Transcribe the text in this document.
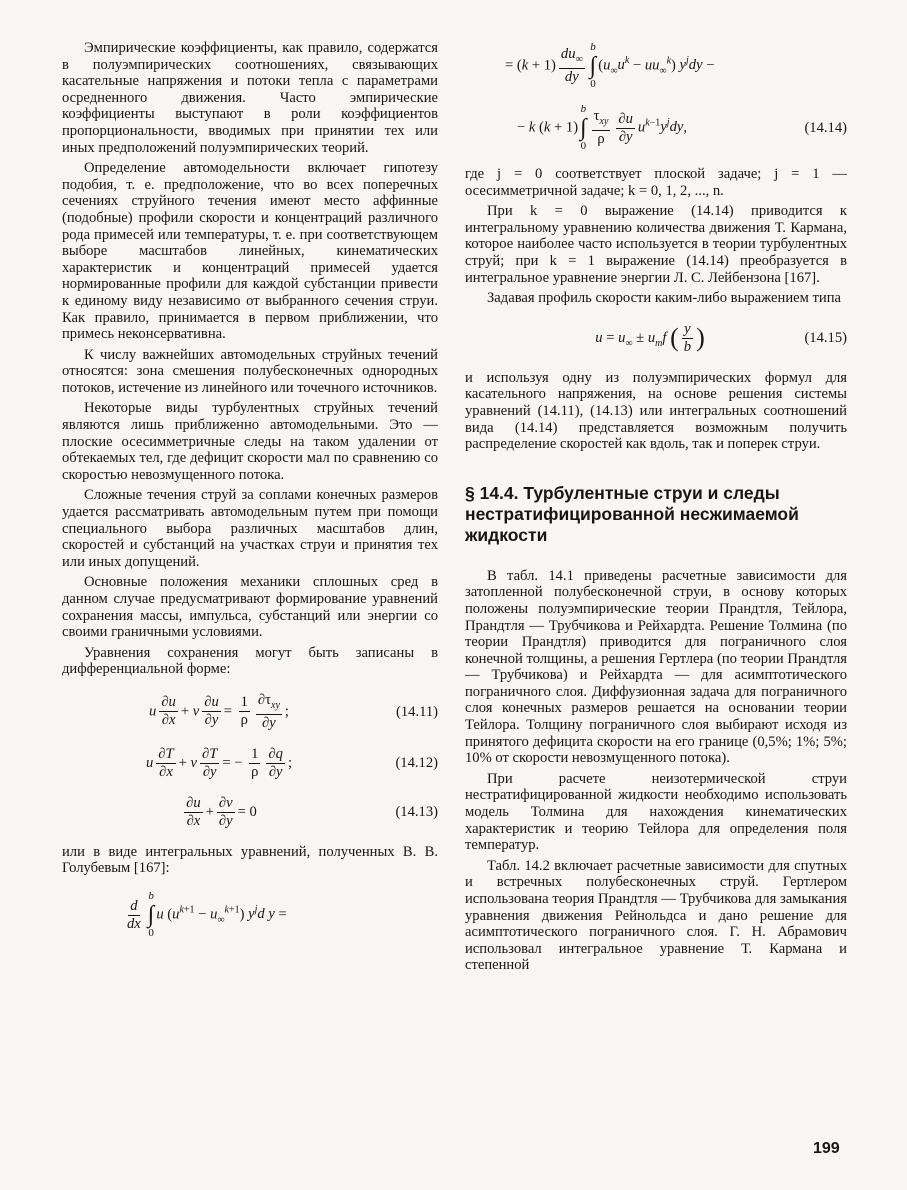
Эмпирические коэффициенты, как правило, содержатся в полуэмпирических соотношениях, связывающих касательные напряжения и потоки тепла с параметрами осредненного движения. Часто эмпирические коэффициенты выступают в роли коэффициентов пропорциональности, вводимых при принятии тех или иных предположений полуэмпирических теорий.

Определение автомодельности включает гипотезу подобия, т. е. предположение, что во всех поперечных сечениях струйного течения имеют место аффинные (подобные) профили скорости и концентраций различного рода примесей или температуры, т. е. при соответствующем выборе масштабов линейных, кинематических характеристик и концентраций примесей удается нормированные профили для каждой субстанции привести к единому виду независимо от выбранного сечения струи. Как правило, принимается в первом приближении, что примесь неконсервативна.

К числу важнейших автомодельных струйных течений относятся: зона смешения полубесконечных однородных потоков, истечение из линейного или точечного источников.

Некоторые виды турбулентных струйных течений являются лишь приближенно автомодельными. Это — плоские осесимметричные следы на таком удалении от обтекаемых тел, где дефицит скорости мал по сравнению со скоростью невозмущенного потока.

Сложные течения струй за соплами конечных размеров удается рассматривать автомодельным путем при помощи специального выбора различных масштабов длин, скоростей и субстанций на участках струи и принятия тех или иных допущений.

Основные положения механики сплошных сред в данном случае предусматривают формирование уравнений сохранения массы, импульса, субстанций или энергии со своими граничными условиями.

Уравнения сохранения могут быть записаны в дифференциальной форме:

u $\frac{\partial u}{\partial x} + v \frac{\partial u}{\partial y} = \frac{1}{\rho} \partial\tau_{xy}$
∂y
;	(14.11)
u $\frac{\partial T}{\partial x} + v \frac{\partial T}{\partial y}$ = − $\frac{1}{\rho} \frac{\partial q}{\partial y}$ ;	(14.12)
$\frac{\partial u}{\partial x} + \frac{\partial v}{\partial y} = 0$	(14.13)

или в виде интегральных уравнений, полученных В. В. Голубевым [167]:

$\frac{d}{dx}$
b
∫
0
u $(u^{k+1} - u_\infty^{k+1})$ $y^jd$ y =
= $(k + 1) \frac{du_\infty}{dy}$ b
∫
0
$(u_\infty u^k - uu_\infty^k) y^jdy$ −
− k (k + 1)
b
∫
0
$\tau_{xy}$
ρ $\frac{\partial u}{\partial y} u^{k-1}y^jdy$,	(14.14)

где j = 0 соответствует плоской задаче; j = 1 — осесимметричной задаче; k = 0, 1, 2, ..., n.

При k = 0 выражение (14.14) приводится к интегральному уравнению количества движения Т. Кармана, которое наиболее часто используется в теории турбулентных струй; при k = 1 выражение (14.14) преобразуется в интегральное уравнение энергии Л. С. Лейбензона [167].

Задавая профиль скорости каким-либо выражением типа

$u = u_\infty \pm u_mf$ ( $\frac{y}{b}$ )	(14.15)

и используя одну из полуэмпирических формул для касательного напряжения, на основе решения системы уравнений (14.11), (14.13) или интегральных соотношений вида (14.14) представляется возможным получить распределение скоростей как вдоль, так и поперек струи.

§ 14.4. Турбулентные струи и следы нестратифицированной несжимаемой жидкости

В табл. 14.1 приведены расчетные зависимости для затопленной полубесконечной струи, в основу которых положены полуэмпирические теории Прандтля, Тейлора, Прандтля — Трубчикова и Рейхардта. Решение Толмина (по теории Прандтля) приводится для пограничного слоя конечной толщины, а решения Гертлера (по теории Прандтля — Трубчикова) и Рейхардта — для асимптотического пограничного слоя. Диффузионная задача для пограничного слоя конечных размеров решается на основании теории Тейлора. Толщину пограничного слоя выбирают исходя из принятого дефицита скорости на его границе (0,5%; 1%; 5%; 10% от скорости невозмущенного потока).

При расчете неизотермической струи нестратифицированной жидкости необходимо использовать модель Толмина для нахождения кинематических характеристик и теорию Тейлора для определения поля температур.

Табл. 14.2 включает расчетные зависимости для спутных и встречных полубесконечных струй. Гертлером использована теория Прандтля — Трубчикова для замыкания уравнения движения Рейнольдса и дано решение для асимптотического пограничного слоя. Г. Н. Абрамович использовал интегральное уравнение Т. Кармана и степенной

199
